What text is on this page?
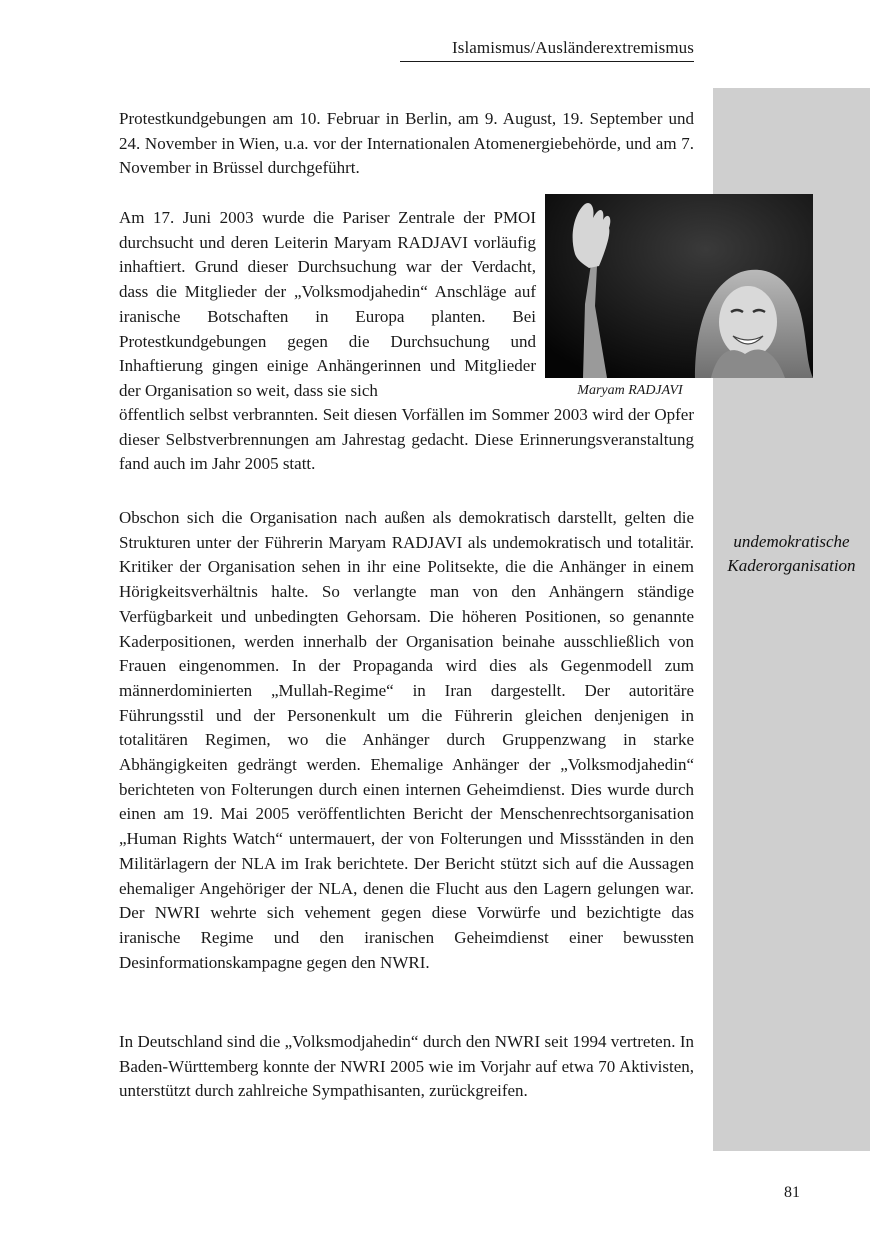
Islamismus/Ausländerextremismus
undemokratische Kaderorganisation

Protestkundgebungen am 10. Februar in Berlin, am 9. August, 19. September und 24. November in Wien, u.a. vor der Internationalen Atomenergiebehörde, und am 7. November in Brüssel durchgeführt.

Am 17. Juni 2003 wurde die Pariser Zentrale der PMOI durchsucht und deren Leiterin Maryam RADJAVI vorläufig inhaftiert. Grund dieser Durchsuchung war der Verdacht, dass die Mitglieder der „Volksmodjahedin“ Anschläge auf iranische Botschaften in Europa planten. Bei Protestkundgebungen gegen die Durchsuchung und Inhaftierung gingen einige Anhängerinnen und Mitglieder der Organisation so weit, dass sie sich	Maryam RADJAVI

öffentlich selbst verbrannten. Seit diesen Vorfällen im Sommer 2003 wird der Opfer dieser Selbstverbrennungen am Jahrestag gedacht. Diese Erinnerungsveranstaltung fand auch im Jahr 2005 statt.

Obschon sich die Organisation nach außen als demokratisch darstellt, gelten die Strukturen unter der Führerin Maryam RADJAVI als undemokratisch und totalitär. Kritiker der Organisation sehen in ihr eine Politsekte, die die Anhänger in einem Hörigkeitsverhältnis halte. So verlangte man von den Anhängern ständige Verfügbarkeit und unbedingten Gehorsam. Die höheren Positionen, so genannte Kaderpositionen, werden innerhalb der Organisation beinahe ausschließlich von Frauen eingenommen. In der Propaganda wird dies als Gegenmodell zum männerdominierten „Mullah-Regime“ in Iran dargestellt. Der autoritäre Führungsstil und der Personenkult um die Führerin gleichen denjenigen in totalitären Regimen, wo die Anhänger durch Gruppenzwang in starke Abhängigkeiten gedrängt werden. Ehemalige Anhänger der „Volksmodjahedin“ berichteten von Folterungen durch einen internen Geheimdienst. Dies wurde durch einen am 19. Mai 2005 veröffentlichten Bericht der Menschenrechtsorganisation „Human Rights Watch“ untermauert, der von Folterungen und Missständen in den Militärlagern der NLA im Irak berichtete. Der Bericht stützt sich auf die Aussagen ehemaliger Angehöriger der NLA, denen die Flucht aus den Lagern gelungen war. Der NWRI wehrte sich vehement gegen diese Vorwürfe und bezichtigte das iranische Regime und den iranischen Geheimdienst einer bewussten Desinformationskampagne gegen den NWRI.

In Deutschland sind die „Volksmodjahedin“ durch den NWRI seit 1994 vertreten. In Baden-Württemberg konnte der NWRI 2005 wie im Vorjahr auf etwa 70 Aktivisten, unterstützt durch zahlreiche Sympathisanten, zurückgreifen.

81
